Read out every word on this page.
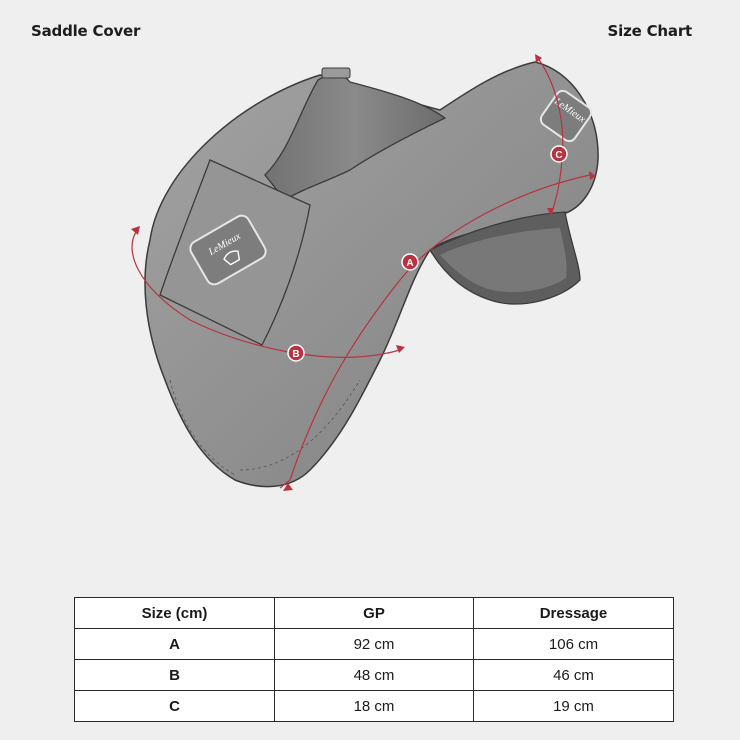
Saddle Cover	Size Chart
LeMieux
LeMieux
A
B
C
Size (cm)	GP	Dressage
A	92 cm	106 cm
B	48 cm	46 cm
C	18 cm	19 cm
